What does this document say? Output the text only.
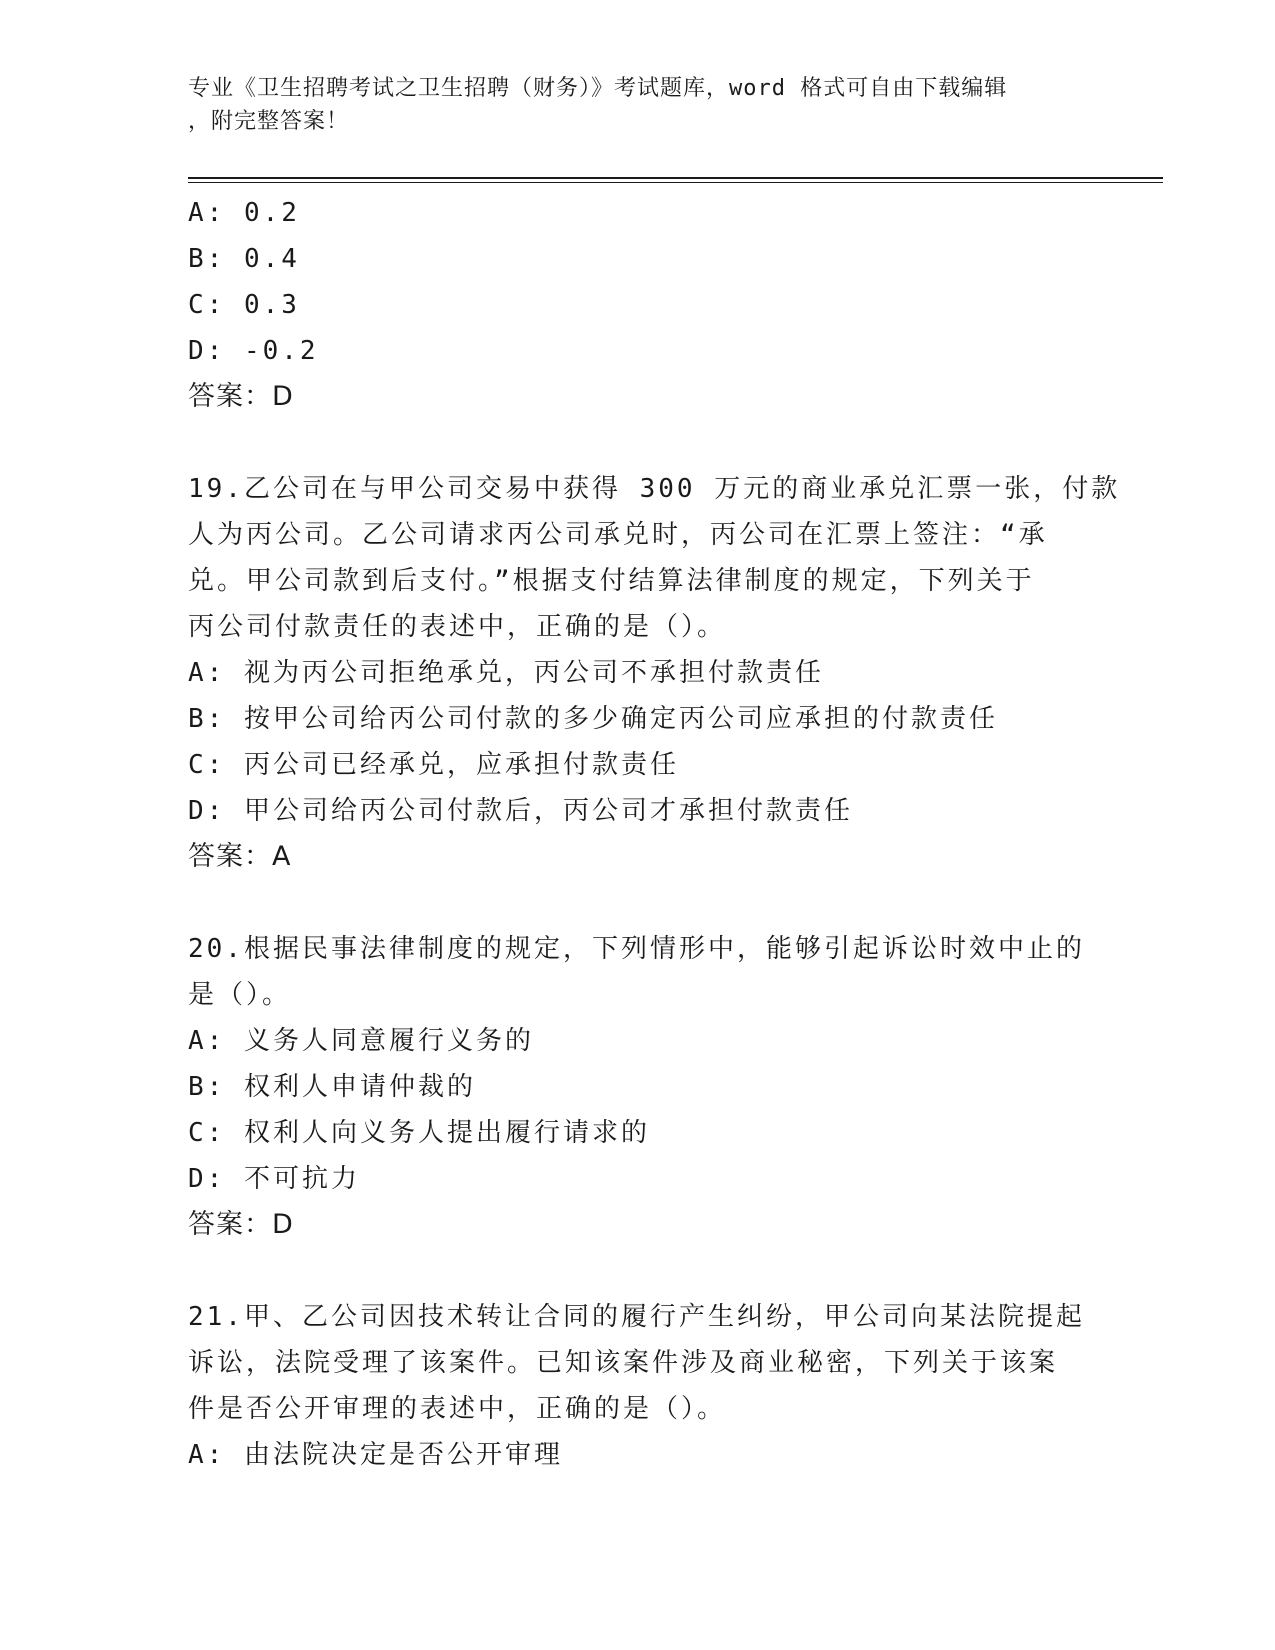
专业《卫生招聘考试之卫生招聘（财务）》考试题库，word 格式可自由下载编辑
，附完整答案！
A: 0.2
B: 0.4
C: 0.3
D: -0.2
答案：D
19.乙公司在与甲公司交易中获得 300 万元的商业承兑汇票一张，付款
人为丙公司。乙公司请求丙公司承兑时，丙公司在汇票上签注：“承
兑。甲公司款到后支付。”根据支付结算法律制度的规定，下列关于
丙公司付款责任的表述中，正确的是（）。
A: 视为丙公司拒绝承兑，丙公司不承担付款责任
B: 按甲公司给丙公司付款的多少确定丙公司应承担的付款责任
C: 丙公司已经承兑，应承担付款责任
D: 甲公司给丙公司付款后，丙公司才承担付款责任
答案：A
20.根据民事法律制度的规定，下列情形中，能够引起诉讼时效中止的
是（）。
A: 义务人同意履行义务的
B: 权利人申请仲裁的
C: 权利人向义务人提出履行请求的
D: 不可抗力
答案：D
21.甲、乙公司因技术转让合同的履行产生纠纷，甲公司向某法院提起
诉讼，法院受理了该案件。已知该案件涉及商业秘密，下列关于该案
件是否公开审理的表述中，正确的是（）。
A: 由法院决定是否公开审理
